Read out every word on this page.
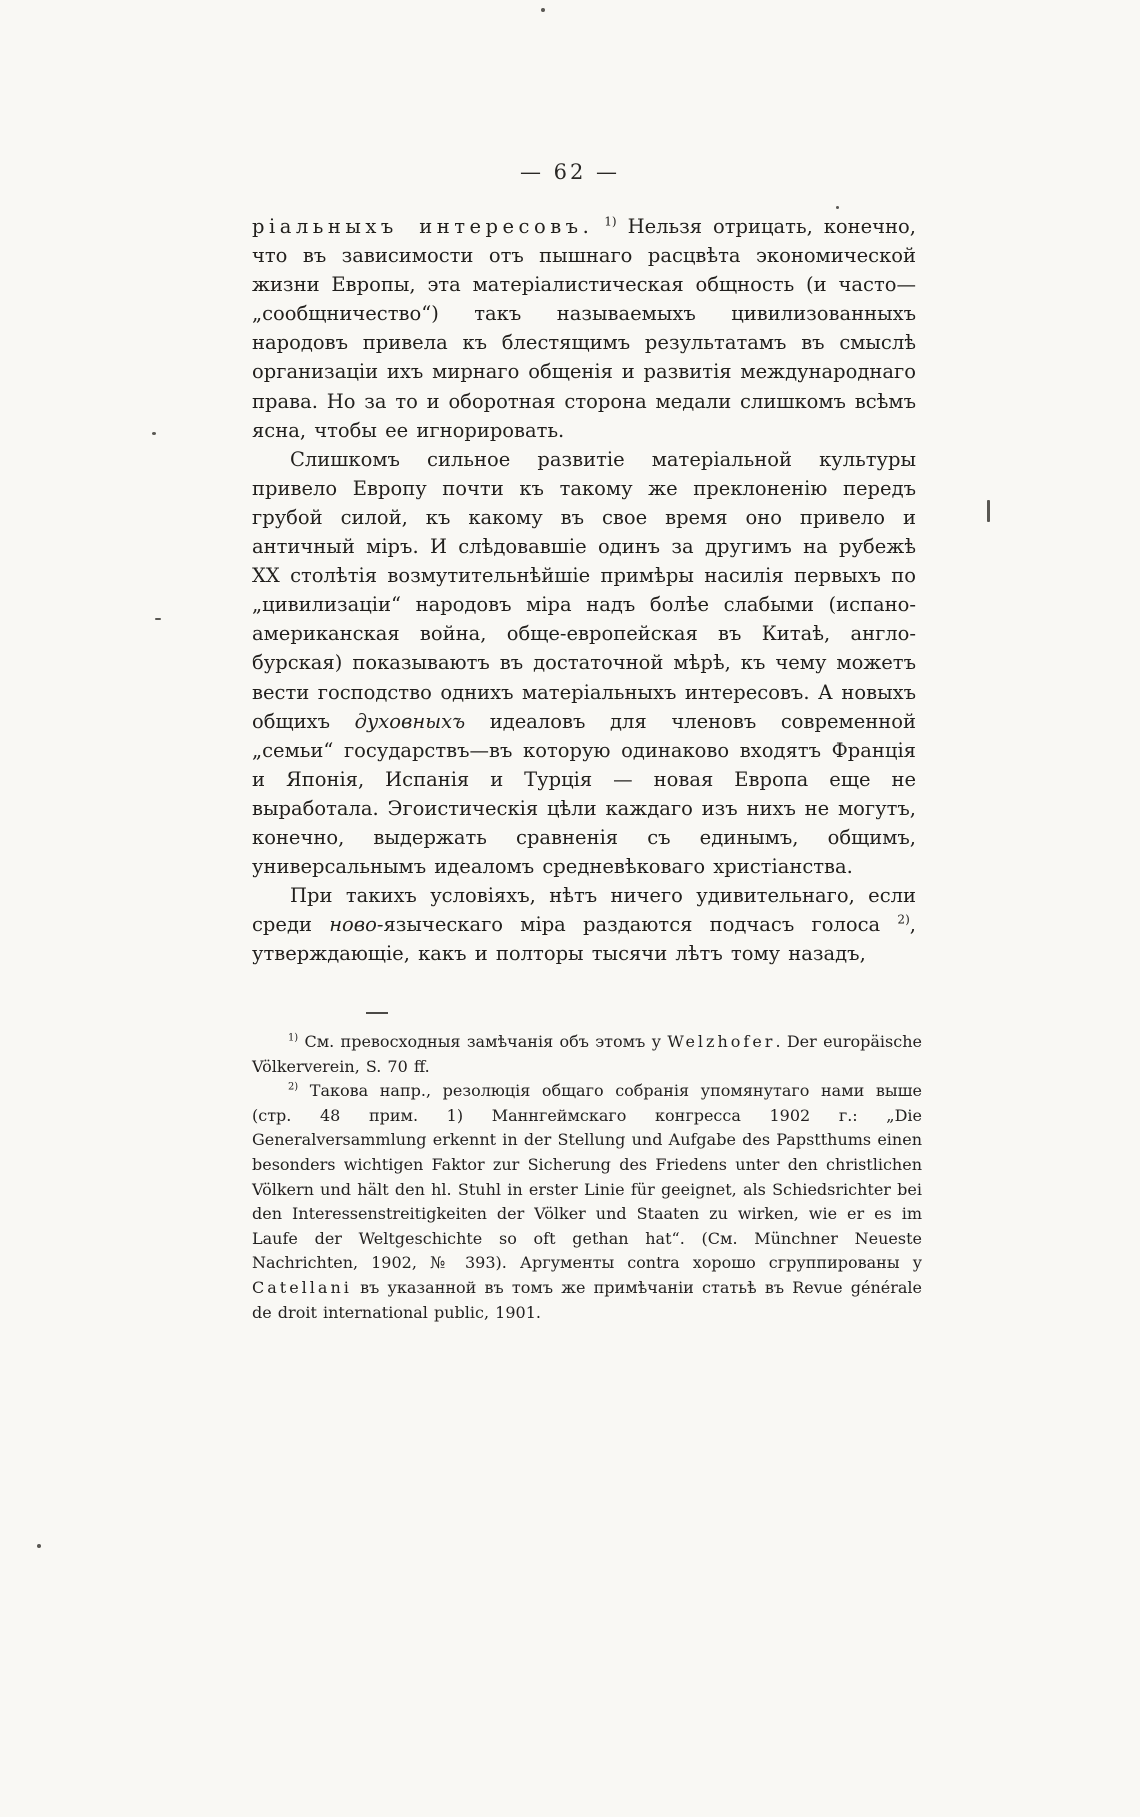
— 62 —

ріальныхъ интересовъ. $^{1)}$ Нельзя отрицать, конечно, что въ зависимости отъ пышнаго расцвѣта экономической жизни Европы, эта матеріалистическая общность (и часто— „сообщничество“) такъ называемыхъ цивилизованныхъ народовъ привела къ блестящимъ результатамъ въ смыслѣ организаціи ихъ мирнаго общенія и развитія международнаго права. Но за то и оборотная сторона медали слишкомъ всѣмъ ясна, чтобы ее игнорировать.

Слишкомъ сильное развитіе матеріальной культуры привело Европу почти къ такому же преклоненію передъ грубой силой, къ какому въ свое время оно привело и античный міръ. И слѣдовавшіе одинъ за другимъ на рубежѣ XX столѣтія возмутительнѣйшіе примѣры насилія первыхъ по „цивилизаціи“ народовъ міра надъ болѣе слабыми (испано-американская война, обще-европейская въ Китаѣ, англо-бурская) показываютъ въ достаточной мѣрѣ, къ чему можетъ вести господство однихъ матеріальныхъ интересовъ. А новыхъ общихъ духовныхъ идеаловъ для членовъ современной „семьи“ государствъ—въ которую одинаково входятъ Франція и Японія, Испанія и Турція — новая Европа еще не выработала. Эгоистическія цѣли каждаго изъ нихъ не могутъ, конечно, выдержать сравненія съ единымъ, общимъ, универсальнымъ идеаломъ средневѣковаго христіанства.

При такихъ условіяхъ, нѣтъ ничего удивительнаго, если среди ново-языческаго міра раздаются подчасъ голоса $^{2)}$, утверждающіе, какъ и полторы тысячи лѣтъ тому назадъ,

$^{1)}$ См. превосходныя замѣчанія объ этомъ у Welzhofer. Der europäische Völkerverein, S. 70 ff.

$^{2)}$ Такова напр., резолюція общаго собранія упомянутаго нами выше (стр. 48 прим. 1) Маннгеймскаго конгресса 1902 г.: „Die Generalversammlung erkennt in der Stellung und Aufgabe des Papstthums einen besonders wichtigen Faktor zur Sicherung des Friedens unter den christlichen Völkern und hält den hl. Stuhl in erster Linie für geeignet, als Schiedsrichter bei den Interessenstreitigkeiten der Völker und Staaten zu wirken, wie er es im Laufe der Weltgeschichte so oft gethan hat“. (См. Münchner Neueste Nachrichten, 1902, № 393). Аргументы contra хорошо сгруппированы у Catellani въ указанной въ томъ же примѣчаніи статьѣ въ Revue générale de droit international public, 1901.
